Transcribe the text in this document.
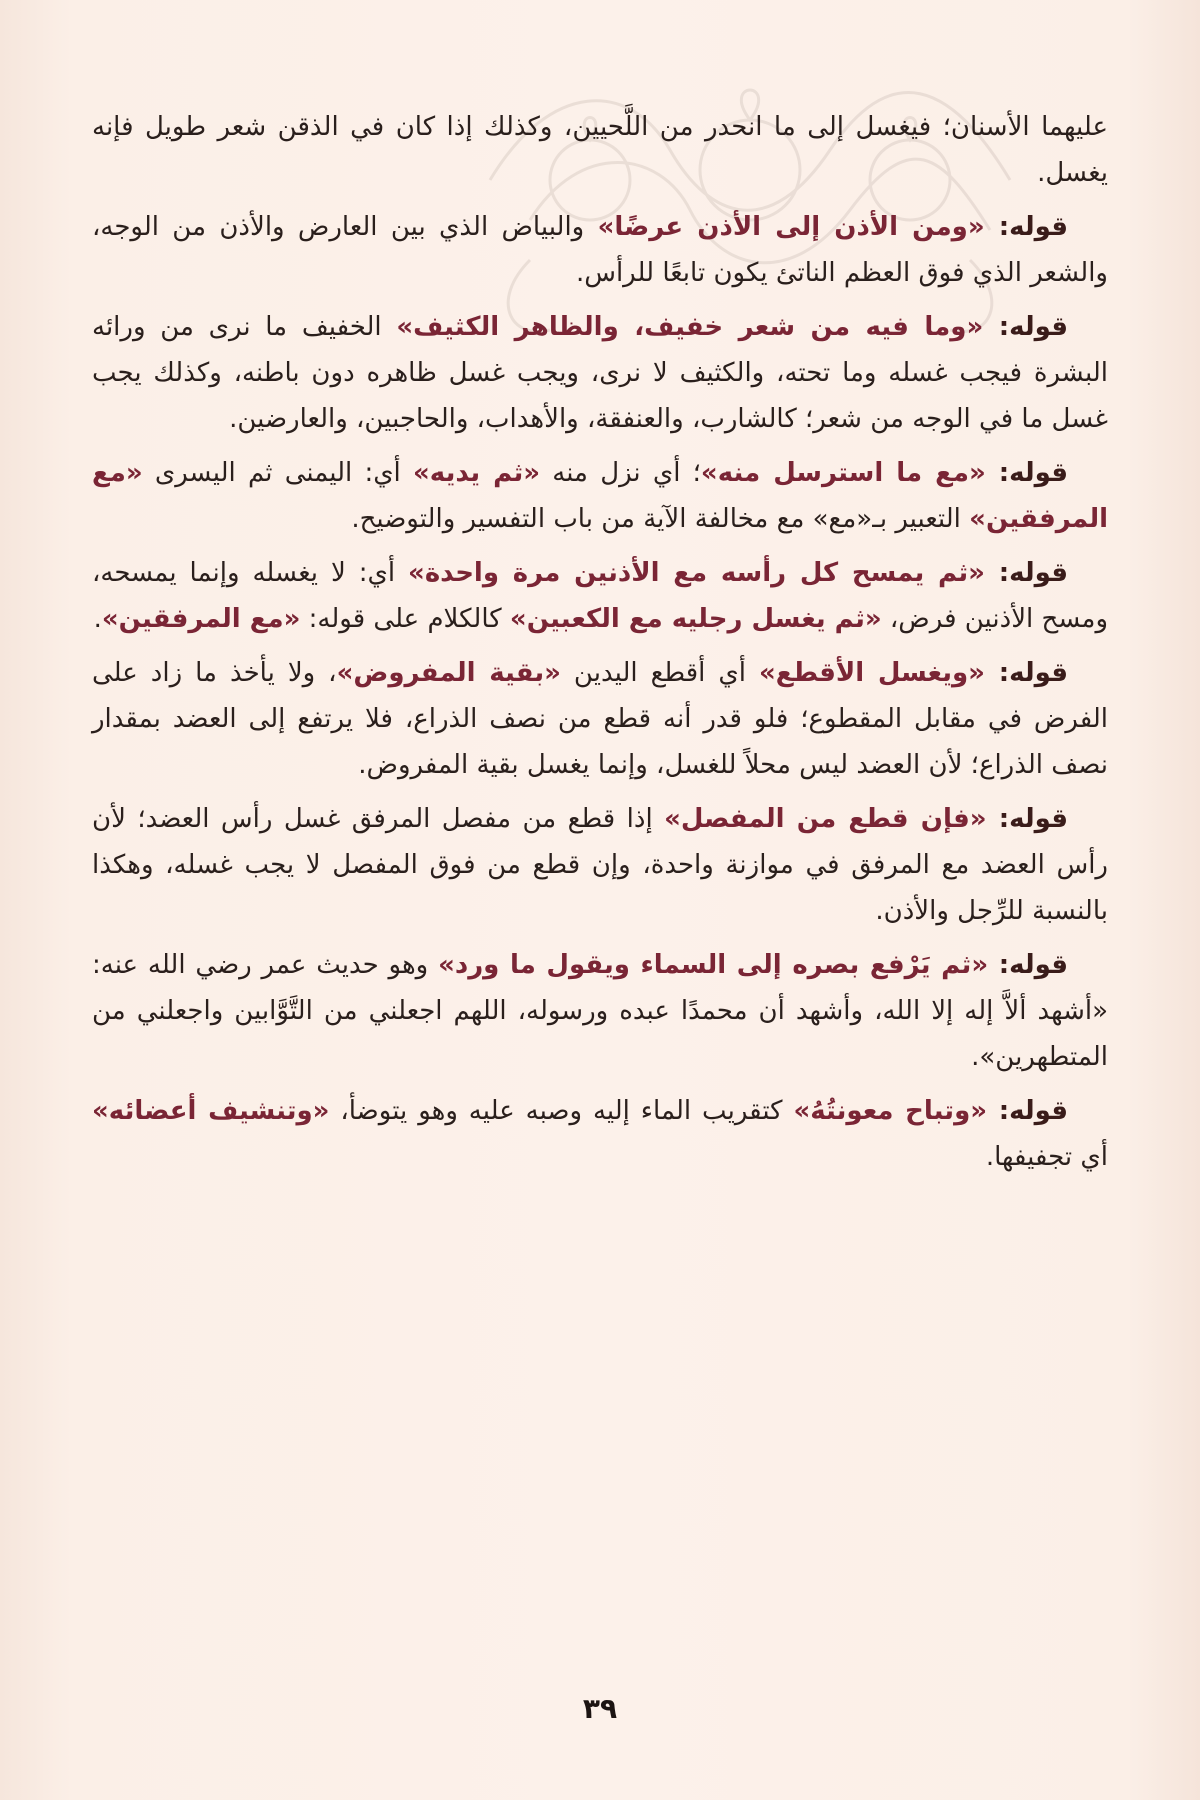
عليهما الأسنان؛ فيغسل إلى ما انحدر من اللَّحيين، وكذلك إذا كان في الذقن شعر طويل فإنه يغسل.

قوله: «ومن الأذن إلى الأذن عرضًا» والبياض الذي بين العارض والأذن من الوجه، والشعر الذي فوق العظم الناتئ يكون تابعًا للرأس.

قوله: «وما فيه من شعر خفيف، والظاهر الكثيف» الخفيف ما نرى من ورائه البشرة فيجب غسله وما تحته، والكثيف لا نرى، ويجب غسل ظاهره دون باطنه، وكذلك يجب غسل ما في الوجه من شعر؛ كالشارب، والعنفقة، والأهداب، والحاجبين، والعارضين.

قوله: «مع ما استرسل منه»؛ أي نزل منه «ثم يديه» أي: اليمنى ثم اليسرى «مع المرفقين» التعبير بـ«مع» مع مخالفة الآية من باب التفسير والتوضيح.

قوله: «ثم يمسح كل رأسه مع الأذنين مرة واحدة» أي: لا يغسله وإنما يمسحه، ومسح الأذنين فرض، «ثم يغسل رجليه مع الكعبين» كالكلام على قوله: «مع المرفقين».

قوله: «ويغسل الأقطع» أي أقطع اليدين «بقية المفروض»، ولا يأخذ ما زاد على الفرض في مقابل المقطوع؛ فلو قدر أنه قطع من نصف الذراع، فلا يرتفع إلى العضد بمقدار نصف الذراع؛ لأن العضد ليس محلاً للغسل، وإنما يغسل بقية المفروض.

قوله: «فإن قطع من المفصل» إذا قطع من مفصل المرفق غسل رأس العضد؛ لأن رأس العضد مع المرفق في موازنة واحدة، وإن قطع من فوق المفصل لا يجب غسله، وهكذا بالنسبة للرِّجل والأذن.

قوله: «ثم يَرْفع بصره إلى السماء ويقول ما ورد» وهو حديث عمر رضي الله عنه: «أشهد ألاَّ إله إلا الله، وأشهد أن محمدًا عبده ورسوله، اللهم اجعلني من التَّوَّابين واجعلني من المتطهرين».

قوله: «وتباح معونتُهُ» كتقريب الماء إليه وصبه عليه وهو يتوضأ، «وتنشيف أعضائه» أي تجفيفها.

٣٩
